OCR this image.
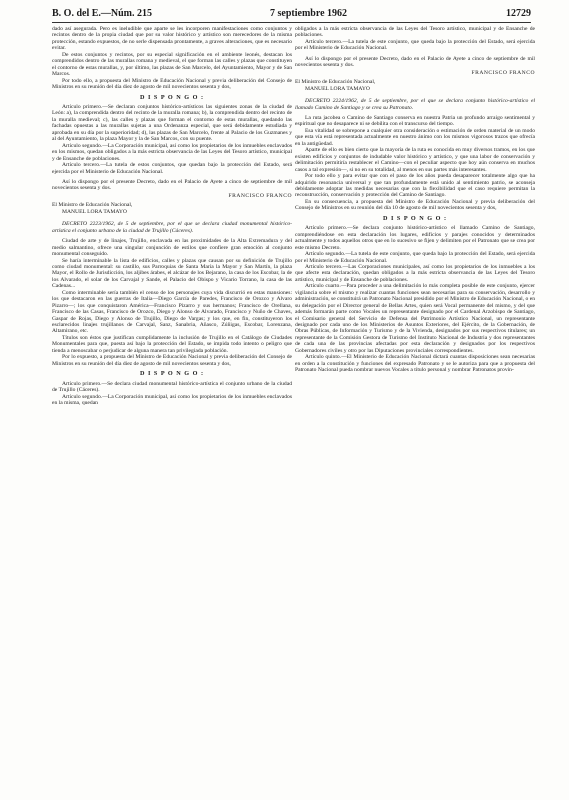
B. O. del E.—Núm. 215	7 septiembre 1962	12729

dado así asegurada. Pero es ineludible que aparte se les incorporen manifestaciones como conjuntos y recintos dentro de la propia ciudad que por su valor histórico y artístico son merecedores de la misma protección, estando expuestos, de no serle dispensada prontamente, a graves alteraciones, que es necesario evitar.

De estos conjuntos y recintos, por su especial significación en el ambiente leonés, destacan los comprendidos dentro de las murallas romana y medieval, el que forman las calles y plazas que constituyen el contorno de estas murallas, y, por último, las plazas de San Marcelo, del Ayuntamiento, Mayor y de San Marcos.

Por todo ello, a propuesta del Ministro de Educación Nacional y previa deliberación del Consejo de Ministros en su reunión del día diez de agosto de mil novecientos sesenta y dos,

D I S P O N G O :

Artículo primero.—Se declaran conjuntos histórico-artísticos las siguientes zonas de la ciudad de León: a), la comprendida dentro del recinto de la muralla romana; b), la comprendida dentro del recinto de la muralla medieval; c), las calles y plazas que forman el contorno de estas murallas, quedando las fachadas opuestas a las murallas sujetas a una Ordenanza especial, que será debidamente estudiada y aprobada en su día por la superioridad; d), las plazas de San Marcelo, frente al Palacio de los Guzmanes y al del Ayuntamiento, la plaza Mayor y la de San Marcos, con su puente.

Artículo segundo.—La Corporación municipal, así como los propietarios de los inmuebles enclavados en los mismos, quedan obligados a la más estricta observancia de las Leyes del Tesoro artístico, municipal y de Ensanche de poblaciones.

Artículo tercero.—La tutela de estos conjuntos, que quedan bajo la protección del Estado, será ejercida por el Ministerio de Educación Nacional.

Así lo dispongo por el presente Decreto, dado en el Palacio de Ayete a cinco de septiembre de mil novecientos sesenta y dos.

FRANCISCO FRANCO

El Ministro de Educación Nacional,

MANUEL LORA TAMAYO

DECRETO 2223/1962, de 5 de septiembre, por el que se declara ciudad monumental histórico-artística el conjunto urbano de la ciudad de Trujillo (Cáceres).

Ciudad de arte y de linajes, Trujillo, enclavada en las proximidades de la Alta Extremadura y del medio salmantino, ofrece una singular conjunción de estilos que confiere gran emoción al conjunto monumental conseguido.

Se haría interminable la lista de edificios, calles y plazas que causan por su definición de Trujillo como ciudad monumental: su castillo, sus Parroquias de Santa María la Mayor y San Martín, la plaza Mayor, el Rollo de Jurisdicción, los aljibes árabes, el alcázar de los Bejarano, la casa de los Escobar, la de los Alvarado, el solar de los Carvajal y Sande, el Palacio del Obispo y Vicario Torrano, la casa de las Cadenas...

Como interminable sería también el censo de los personajes cuya vida discurrió en estas mansiones: los que destacaron en las guerras de Italia—Diego García de Paredes, Francisco de Orozco y Alvaro Pizarro—; los que conquistaron América—Francisco Pizarro y sus hermanos; Francisco de Orellana, Francisco de las Casas, Francisco de Orozco, Diego y Alonso de Alvarado, Francisco y Nuño de Chaves, Gaspar de Rojas, Diego y Alonso de Trujillo, Diego de Vargas; y los que, en fin, constituyeron los esclarecidos linajes trujillanos de Carvajal, Sanz, Sanabria, Añasco, Zúñigas, Escobar, Lorenzana, Altamirano, etc.

Títulos son éstos que justifican cumplidamente la inclusión de Trujillo en el Catálogo de Ciudades Monumentales para que, puesta así bajo la protección del Estado, se impida todo intento o peligro que tienda a menoscabar o perjudicar de alguna manera tan privilegiada población.

Por lo expuesto, a propuesta del Ministro de Educación Nacional y previa deliberación del Consejo de Ministros en su reunión del día diez de agosto de mil novecientos sesenta y dos,

D I S P O N G O :

Artículo primero.—Se declara ciudad monumental histórico-artística el conjunto urbano de la ciudad de Trujillo (Cáceres).

Artículo segundo.—La Corporación municipal, así como los propietarios de los inmuebles enclavados en la misma, quedan

obligados a la más estricta observancia de las Leyes del Tesoro artístico, municipal y de Ensanche de poblaciones.

Artículo tercero.—La tutela de este conjunto, que queda bajo la protección del Estado, será ejercida por el Ministerio de Educación Nacional.

Así lo dispongo por el presente Decreto, dado en el Palacio de Ayete a cinco de septiembre de mil novecientos sesenta y dos.

FRANCISCO FRANCO

El Ministro de Educación Nacional,

MANUEL LORA TAMAYO

DECRETO 2224/1962, de 5 de septiembre, por el que se declara conjunto histórico-artístico el llamado Camino de Santiago y se crea su Patronato.

La ruta jacobea o Camino de Santiago conserva en nuestra Patria un profundo arraigo sentimental y espiritual que no desaparece ni se debilita con el transcurso del tiempo.

Esa vitalidad se sobrepone a cualquier otra consideración o estimación de orden material de un modo que esta vía está representada actualmente en nuestro ánimo con los mismos vigorosos trazos que ofrecía en la antigüedad.

Aparte de ello es bien cierto que la mayoría de la ruta es conocida en muy diversos tramos, en los que existen edificios y conjuntos de indudable valor histórico y artístico, y que una labor de conservación y delimitación permitiría restablecer el Camino—con el peculiar aspecto que hoy aún conserva en muchos casos a tal expresión—, si no en su totalidad, al menos en sus partes más interesantes.

Por todo ello y para evitar que con el paso de los años pueda desaparecer totalmente algo que ha adquirido resonancia universal y que tan profundamente está unido al sentimiento patrio, se aconseja debidamente adoptar las medidas necesarias que con la flexibilidad que el caso requiere permitan la reconstrucción, conservación y protección del Camino de Santiago.

En su consecuencia, a propuesta del Ministro de Educación Nacional y previa deliberación del Consejo de Ministros en su reunión del día 10 de agosto de mil novecientos sesenta y dos,

D I S P O N G O :

Artículo primero.—Se declara conjunto histórico-artístico el llamado Camino de Santiago, comprendiéndose en esta declaración los lugares, edificios y parajes conocidos y determinados actualmente y todos aquellos otros que en lo sucesivo se fijen y delimiten por el Patronato que se crea por este mismo Decreto.

Artículo segundo.—La tutela de este conjunto, que queda bajo la protección del Estado, será ejercida por el Ministerio de Educación Nacional.

Artículo tercero.—Las Corporaciones municipales, así como los propietarios de los inmuebles a los que afecte esta declaración, quedan obligados a la más estricta observancia de las Leyes del Tesoro artístico, municipal y de Ensanche de poblaciones.

Artículo cuarto.—Para proceder a una delimitación lo más completa posible de este conjunto, ejercer vigilancia sobre el mismo y realizar cuantas funciones sean necesarias para su conservación, desarrollo y administración, se constituirá un Patronato Nacional presidido por el Ministro de Educación Nacional, o en su delegación por el Director general de Bellas Artes, quien será Vocal permanente del mismo, y del que además formarán parte como Vocales un representante designado por el Cardenal Arzobispo de Santiago, el Comisario general del Servicio de Defensa del Patrimonio Artístico Nacional, un representante designado por cada uno de los Ministerios de Asuntos Exteriores, del Ejército, de la Gobernación, de Obras Públicas, de Información y Turismo y de la Vivienda, designados por sus respectivos titulares; un representante de la Comisión Gestora de Turismo del Instituto Nacional de Industria y dos representantes de cada una de las provincias afectadas por esta declaración y designados por los respectivos Gobernadores civiles y otro por las Diputaciones provinciales correspondientes.

Artículo quinto.—El Ministerio de Educación Nacional dictará cuantas disposiciones sean necesarias en orden a la constitución y funciones del expresado Patronato y se le autoriza para que a propuesta del Patronato Nacional pueda nombrar nuevos Vocales a título personal y nombrar Patronatos provin-
